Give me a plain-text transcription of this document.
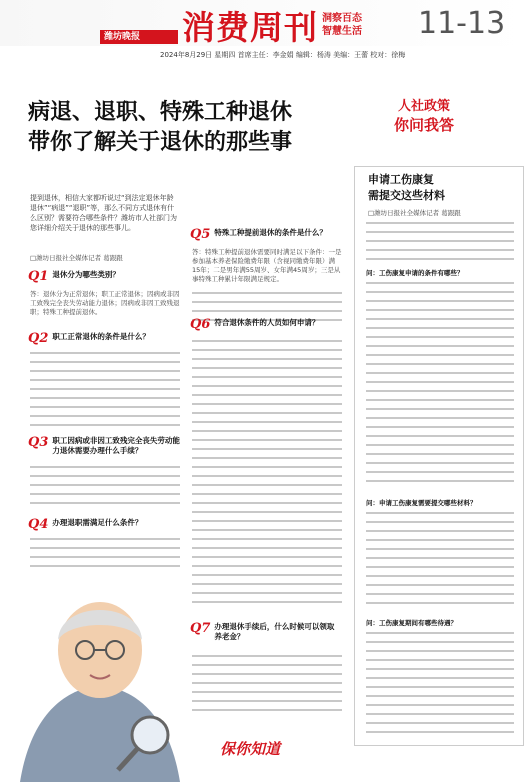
潍坊晚报	消费周刊 洞察百态
智慧生活 11-13
2024年8月29日 星期四 首席主任：李金娟 编辑：杨涛 美编：王蕾 校对：徐梅
病退、退职、特殊工种退休
带你了解关于退休的那些事
人社政策
你问我答
提到退休，相信大家都听说过“到法定退休年龄退休”“病退”“退职”等，那么不同方式退休有什么区别？需要符合哪些条件？潍坊市人社部门为您详细介绍关于退休的那些事儿。
□潍坊日报社全媒体记者 葛跟跟
Q1 退休分为哪些类别？
答：退休分为正常退休；职工正常退休；因病或非因工致残完全丧失劳动能力退休；因病或非因工致残退职；特殊工种提前退休。
Q2 职工正常退休的条件是什么？
Q3 职工因病或非因工致残完全丧失劳动能力退休需要办理什么手续？
Q4 办理退职需满足什么条件？
Q5 特殊工种提前退休的条件是什么？
答：特殊工种提前退休需要同时满足以下条件：一是参加基本养老保险缴费年限（含视同缴费年限）满15年；二是男年满55周岁、女年满45周岁；三是从事特殊工种累计年限满足规定。
Q6 符合退休条件的人员如何申请？
Q7 办理退休手续后，什么时候可以领取养老金？
申请工伤康复
需提交这些材料
□潍坊日报社全媒体记者 葛跟跟
问：工伤康复申请的条件有哪些？
问：申请工伤康复需要提交哪些材料？
问：工伤康复期间有哪些待遇？
保你知道
